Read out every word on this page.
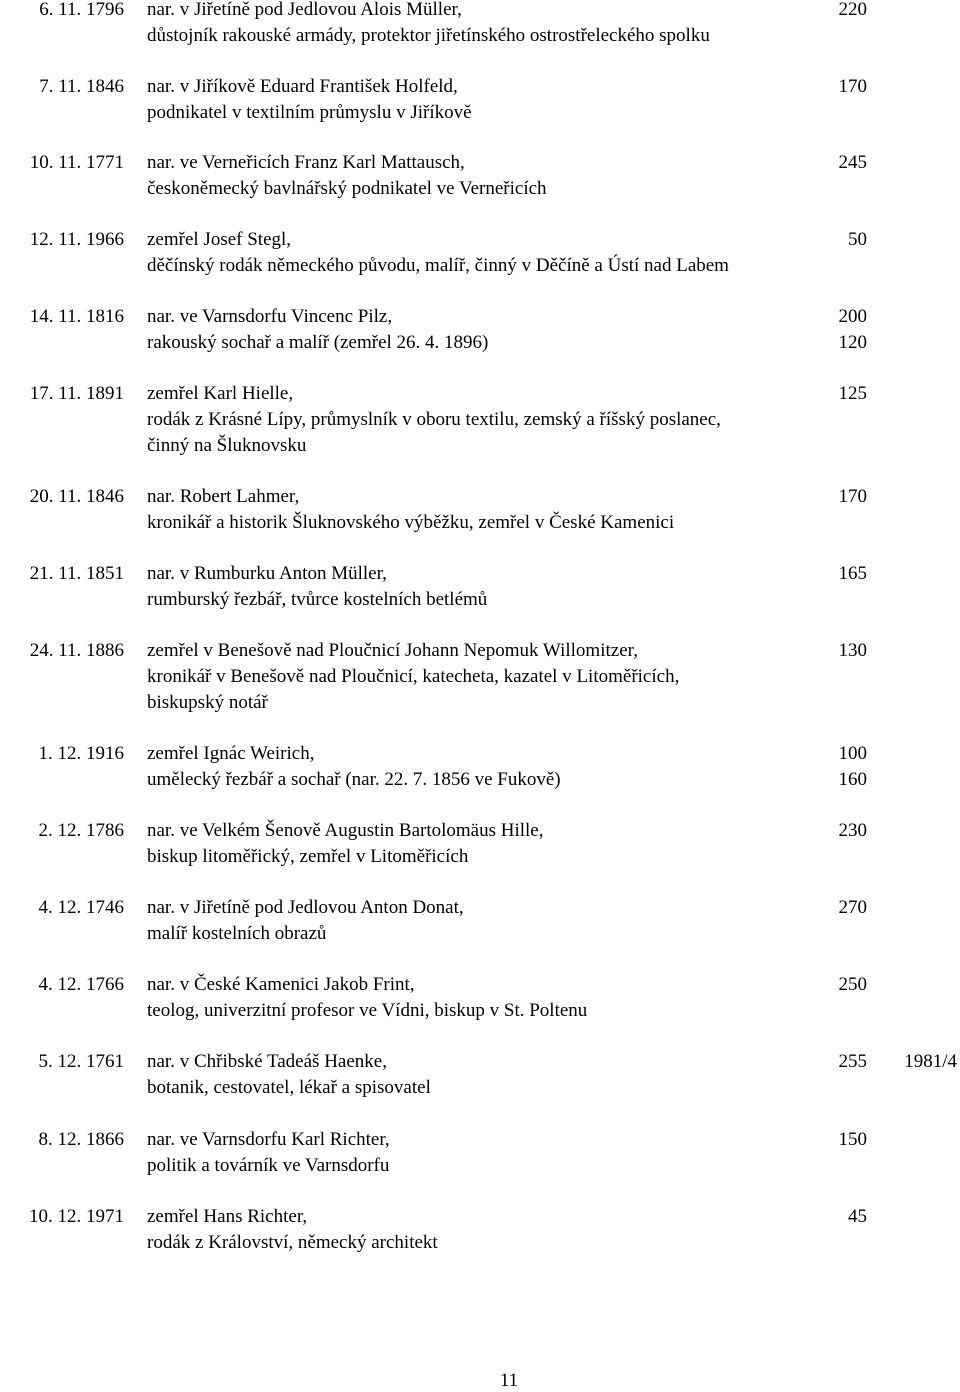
6. 11. 1796 nar. v Jiřetíně pod Jedlovou Alois Müller,	220
důstojník rakouské armády, protektor jiřetínského ostrostřeleckého spolku
7. 11. 1846 nar. v Jiříkově Eduard František Holfeld,	170
podnikatel v textilním průmyslu v Jiříkově
10. 11. 1771 nar. ve Verneřicích Franz Karl Mattausch,	245
českoněmecký bavlnářský podnikatel ve Verneřicích
12. 11. 1966 zemřel Josef Stegl,	50
děčínský rodák německého původu, malíř, činný v Děčíně a Ústí nad Labem
14. 11. 1816 nar. ve Varnsdorfu Vincenc Pilz,	200
rakouský sochař a malíř (zemřel 26. 4. 1896)	120
17. 11. 1891 zemřel Karl Hielle,	125
rodák z Krásné Lípy, průmyslník v oboru textilu, zemský a říšský poslanec,
činný na Šluknovsku
20. 11. 1846 nar. Robert Lahmer,	170
kronikář a historik Šluknovského výběžku, zemřel v České Kamenici
21. 11. 1851 nar. v Rumburku Anton Müller,	165
rumburský řezbář, tvůrce kostelních betlémů
24. 11. 1886 zemřel v Benešově nad Ploučnicí Johann Nepomuk Willomitzer,	130
kronikář v Benešově nad Ploučnicí, katecheta, kazatel v Litoměřicích,
biskupský notář
1. 12. 1916 zemřel Ignác Weirich,	100
umělecký řezbář a sochař (nar. 22. 7. 1856 ve Fukově)	160
2. 12. 1786 nar. ve Velkém Šenově Augustin Bartolomäus Hille,	230
biskup litoměřický, zemřel v Litoměřicích
4. 12. 1746 nar. v Jiřetíně pod Jedlovou Anton Donat,	270
malíř kostelních obrazů
4. 12. 1766 nar. v České Kamenici Jakob Frint,	250
teolog, univerzitní profesor ve Vídni, biskup v St. Poltenu
5. 12. 1761 nar. v Chřibské Tadeáš Haenke,	255	1981/4
botanik, cestovatel, lékař a spisovatel
8. 12. 1866 nar. ve Varnsdorfu Karl Richter,	150
politik a továrník ve Varnsdorfu
10. 12. 1971 zemřel Hans Richter,	45
rodák z Království, německý architekt
11
